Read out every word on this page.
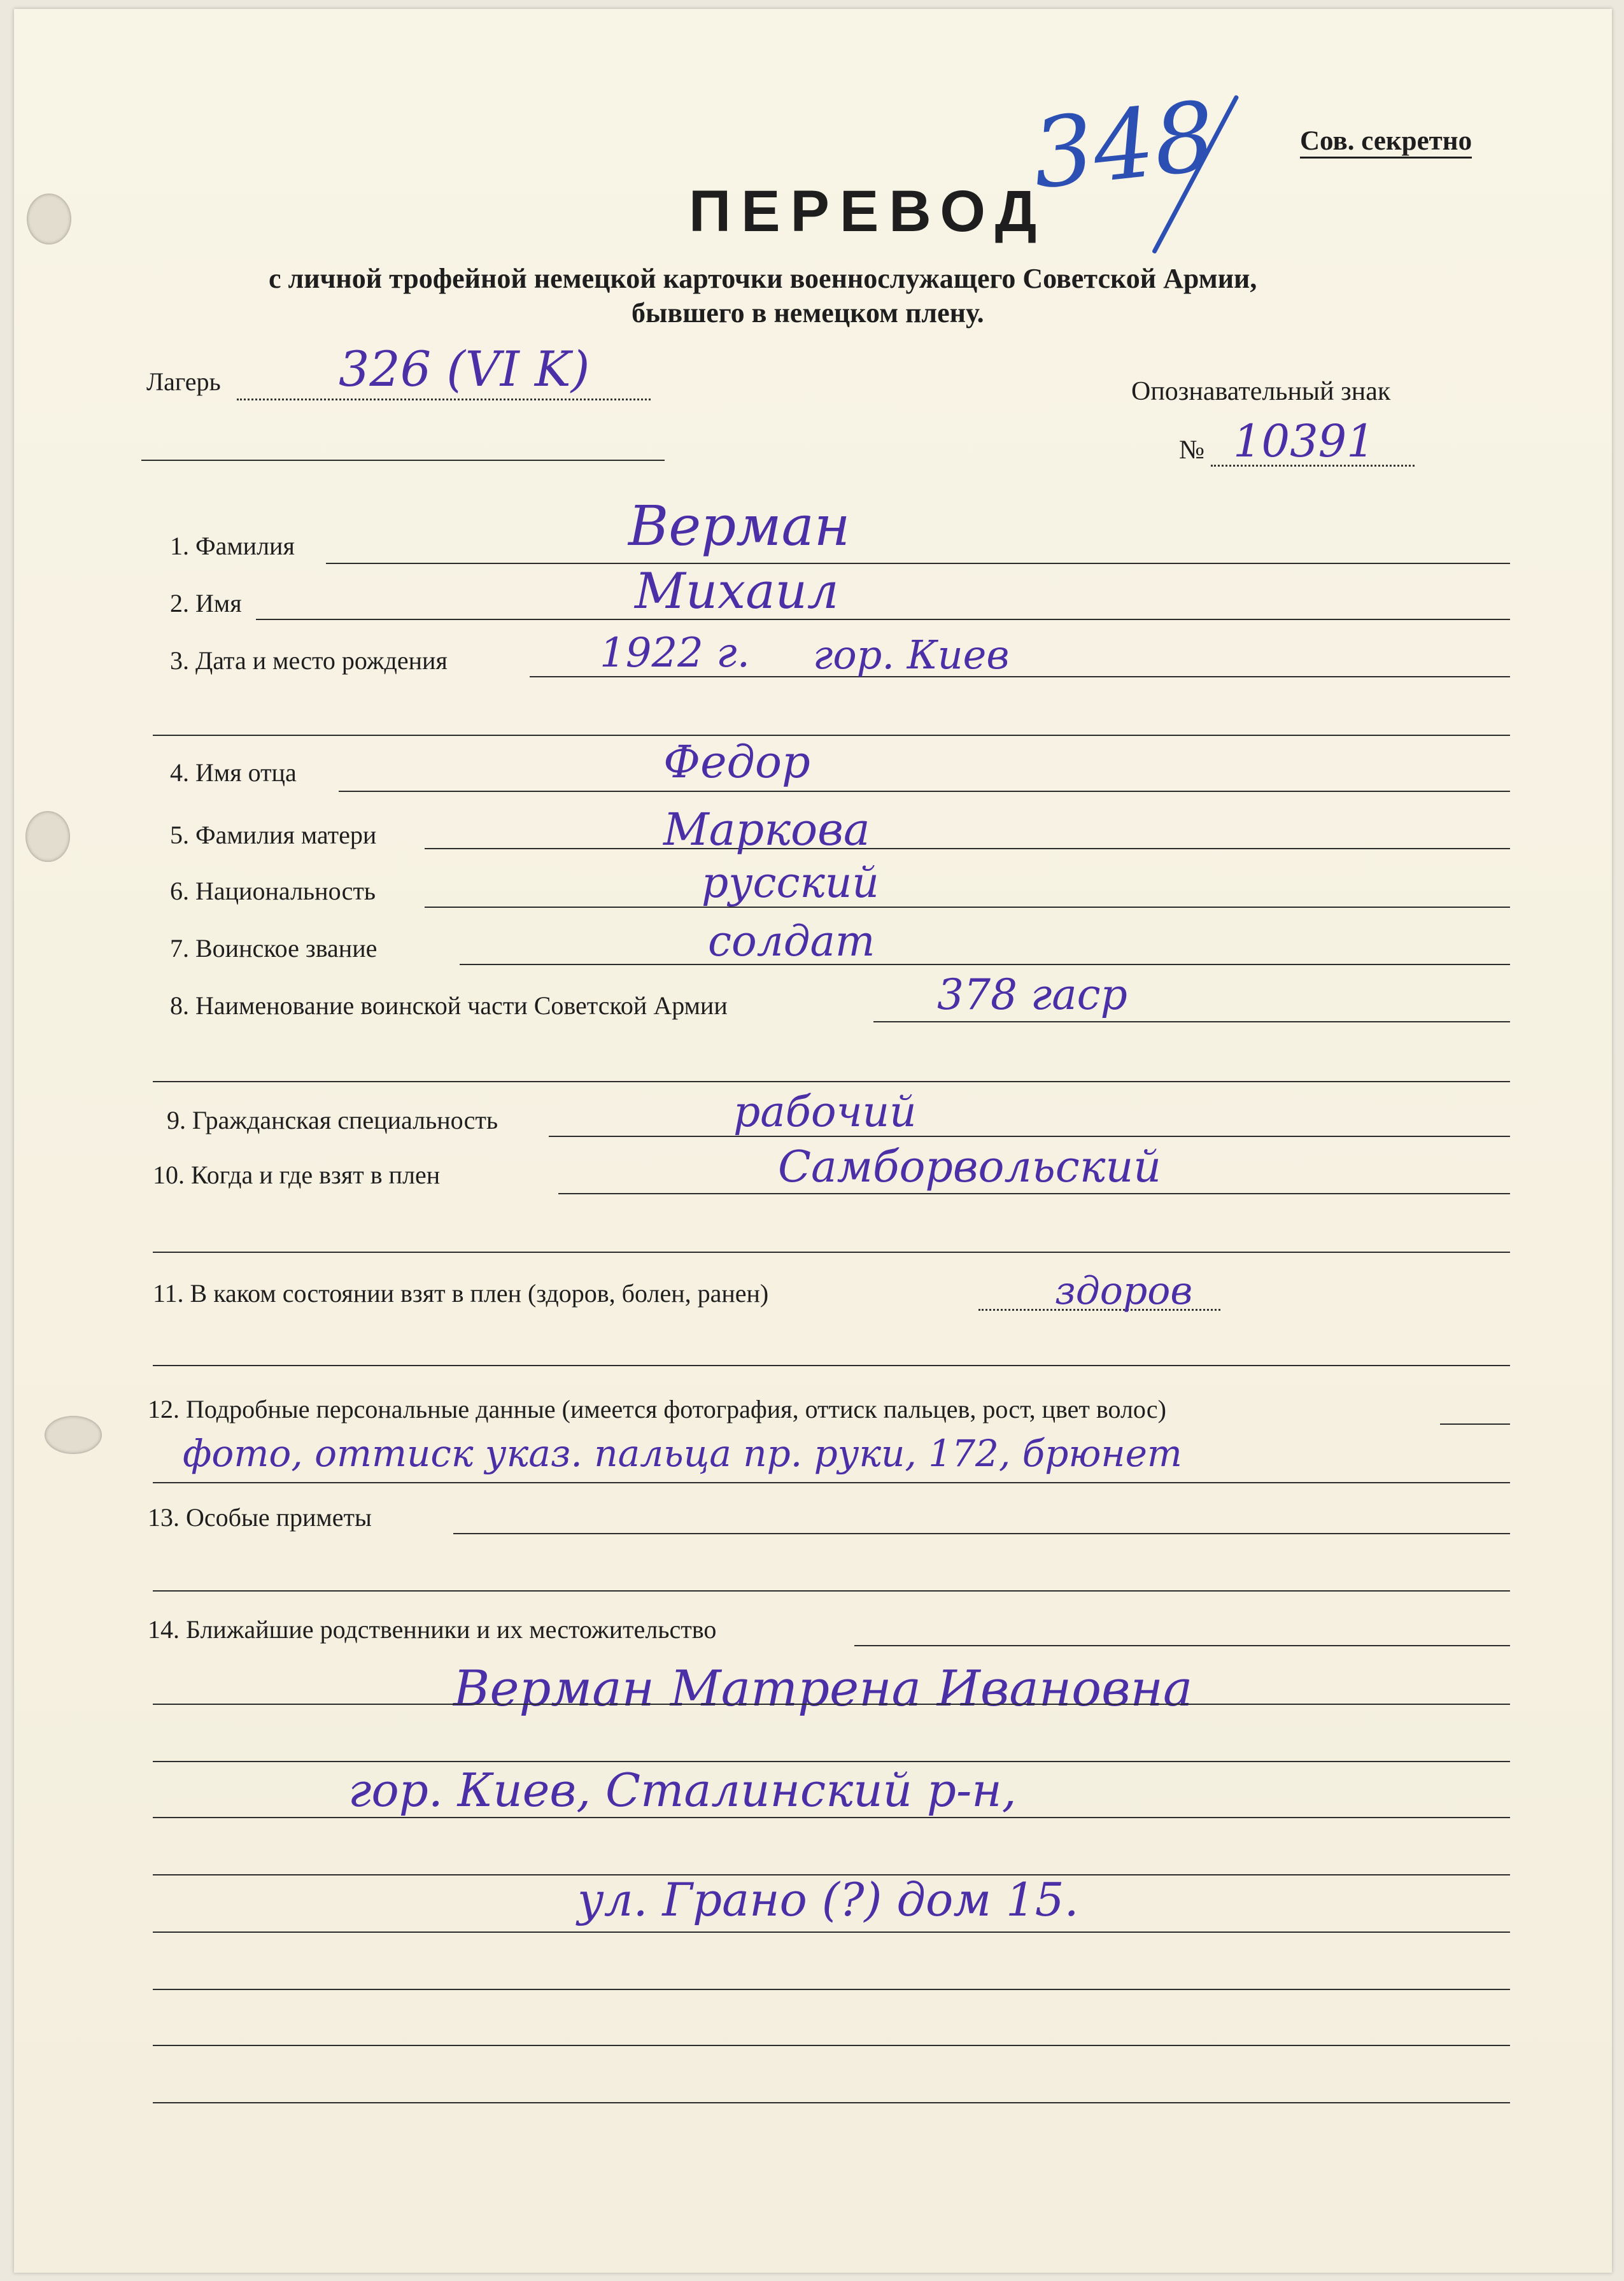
Сов. секретно
348
ПЕРЕВОД
с личной трофейной немецкой карточки военнослужащего Советской Армии,
бывшего в немецком плену.
Лагерь 326 (VI K)	Опознавательный знак
№ 10391
1. Фамилия	Верман
2. Имя	Михаил
3. Дата и место рождения	1922 г. гор. Киев
4. Имя отца	Федор
5. Фамилия матери	Маркова
6. Национальность	русский
7. Воинское звание	солдат
8. Наименование воинской части Советской Армии	378 гаср
9. Гражданская специальность	рабочий
10. Когда и где взят в плен	Самборвольский
11. В каком состоянии взят в плен (здоров, болен, ранен)	здоров
12. Подробные персональные данные (имеется фотография, оттиск пальцев, рост, цвет волос)
фото, оттиск указ. пальца пр. руки, 172, брюнет
13. Особые приметы
14. Ближайшие родственники и их местожительство
Верман Матрена Ивановна
гор. Киев, Сталинский р-н,
ул. Грано (?) дом 15.
